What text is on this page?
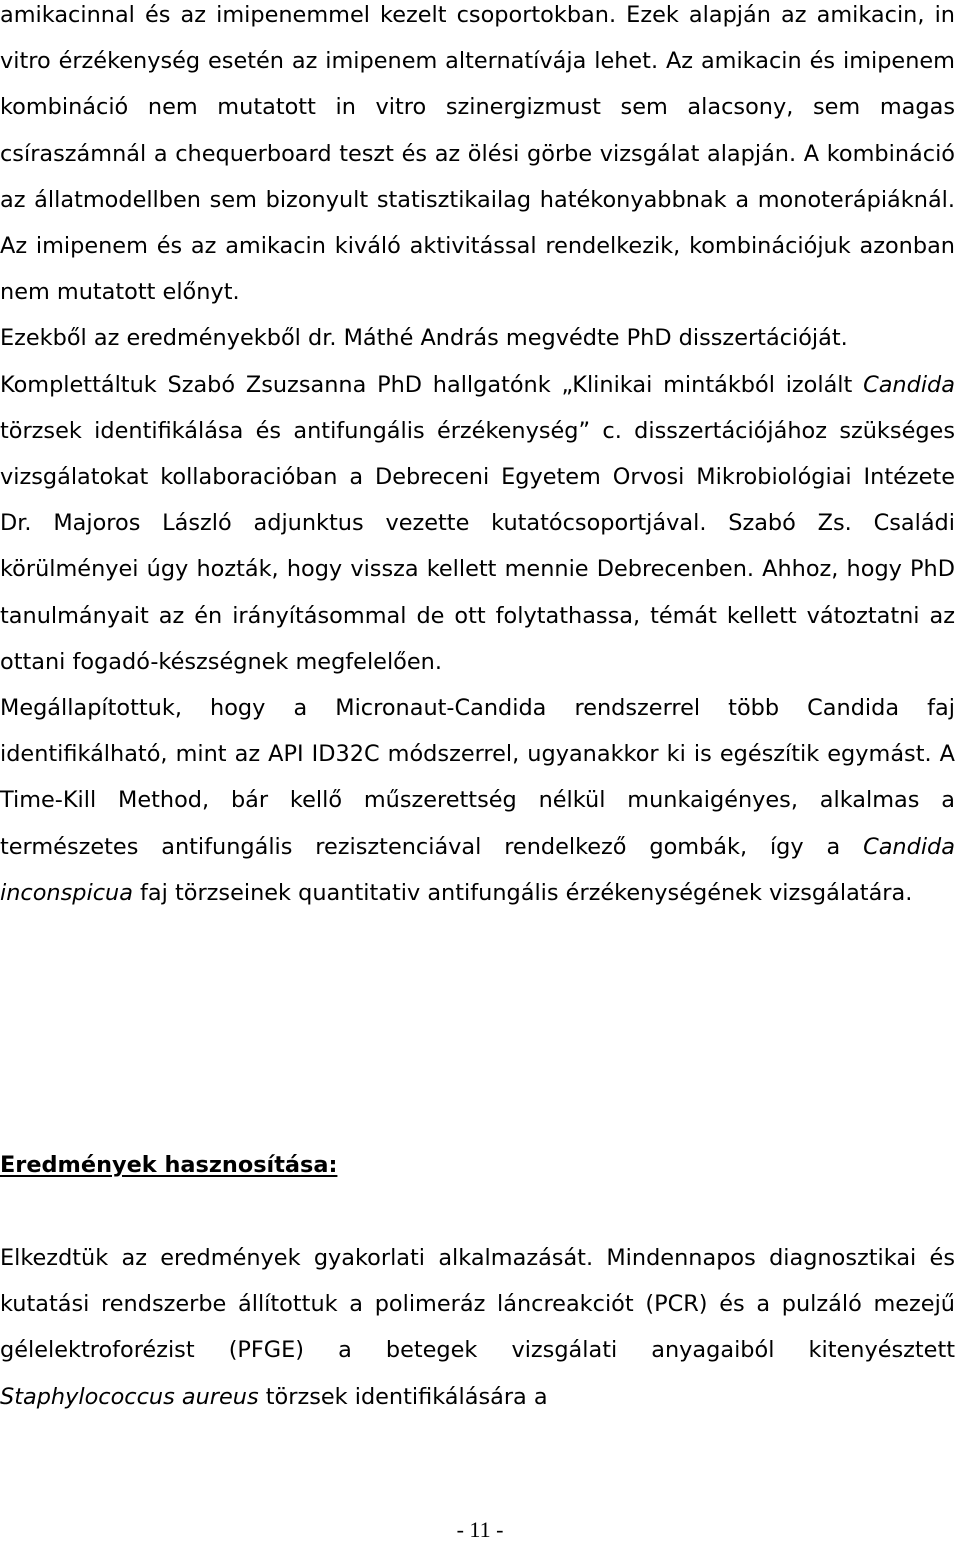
amikacinnal és az imipenemmel kezelt csoportokban. Ezek alapján az amikacin, in vitro érzékenység esetén az imipenem alternatívája lehet. Az amikacin és imipenem kombináció nem mutatott in vitro szinergizmust sem alacsony, sem magas csíraszámnál a chequerboard teszt és az ölési görbe vizsgálat alapján. A kombináció az állatmodellben sem bizonyult statisztikailag hatékonyabbnak a monoterápiáknál. Az imipenem és az amikacin kiváló aktivitással rendelkezik, kombinációjuk azonban nem mutatott előnyt.

Ezekből az eredményekből dr. Máthé András megvédte PhD disszertációját.

Komplettáltuk Szabó Zsuzsanna PhD hallgatónk „Klinikai mintákból izolált Candida törzsek identifikálása és antifungális érzékenység” c. disszertációjához szükséges vizsgálatokat kollaboracióban a Debreceni Egyetem Orvosi Mikrobiológiai Intézete Dr. Majoros László adjunktus vezette kutatócsoportjával. Szabó Zs. Családi körülményei úgy hozták, hogy vissza kellett mennie Debrecenben. Ahhoz, hogy PhD tanulmányait az én irányításommal de ott folytathassa, témát kellett vátoztatni az ottani fogadó-készségnek megfelelően.

Megállapítottuk, hogy a Micronaut-Candida rendszerrel több Candida faj identifikálható, mint az API ID32C módszerrel, ugyanakkor ki is egészítik egymást. A Time-Kill Method, bár kellő műszerettség nélkül munkaigényes, alkalmas a természetes antifungális rezisztenciával rendelkező gombák, így a Candida inconspicua faj törzseinek quantitativ antifungális érzékenységének vizsgálatára.

Eredmények hasznosítása:

Elkezdtük az eredmények gyakorlati alkalmazását. Mindennapos diagnosztikai és kutatási rendszerbe állítottuk a polimeráz láncreakciót (PCR) és a pulzáló mezejű gélelektroforézist (PFGE) a betegek vizsgálati anyagaiból kitenyésztett Staphylococcus aureus törzsek identifikálására a

- 11 -
